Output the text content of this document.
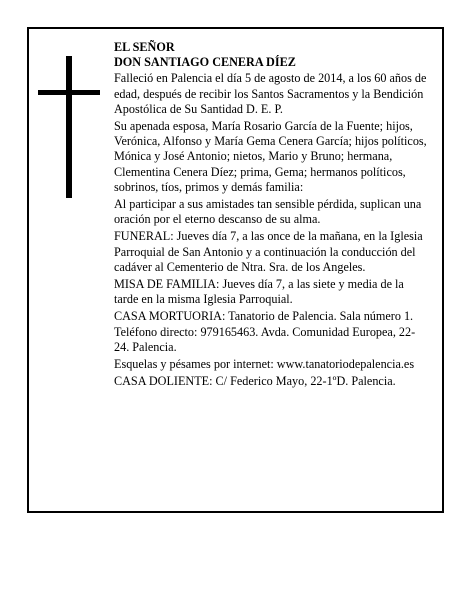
EL SEÑOR

DON SANTIAGO CENERA DÍEZ

Falleció en Palencia el día 5 de agosto de 2014, a los 60 años de edad, después de recibir los Santos Sacramentos y la Bendición Apostólica de Su Santidad D. E. P.

Su apenada esposa, María Rosario García de la Fuente; hijos, Verónica, Alfonso y María Gema Cenera García; hijos políticos, Mónica y José Antonio; nietos, Mario y Bruno; hermana, Clementina Cenera Díez; prima, Gema; hermanos políticos, sobrinos, tíos, primos y demás familia:

Al participar a sus amistades tan sensible pérdida, suplican una oración por el eterno descanso de su alma.

FUNERAL: Jueves día 7, a las once de la mañana, en la Iglesia Parroquial de San Antonio y a continuación la conducción del cadáver al Cementerio de Ntra. Sra. de los Angeles.

MISA DE FAMILIA: Jueves día 7, a las siete y media de la tarde en la misma Iglesia Parroquial.

CASA MORTUORIA: Tanatorio de Palencia. Sala número 1. Teléfono directo: 979165463. Avda. Comunidad Europea, 22-24. Palencia.

Esquelas y pésames por internet: www.tanatoriodepalencia.es

CASA DOLIENTE: C/ Federico Mayo, 22-1ºD. Palencia.
